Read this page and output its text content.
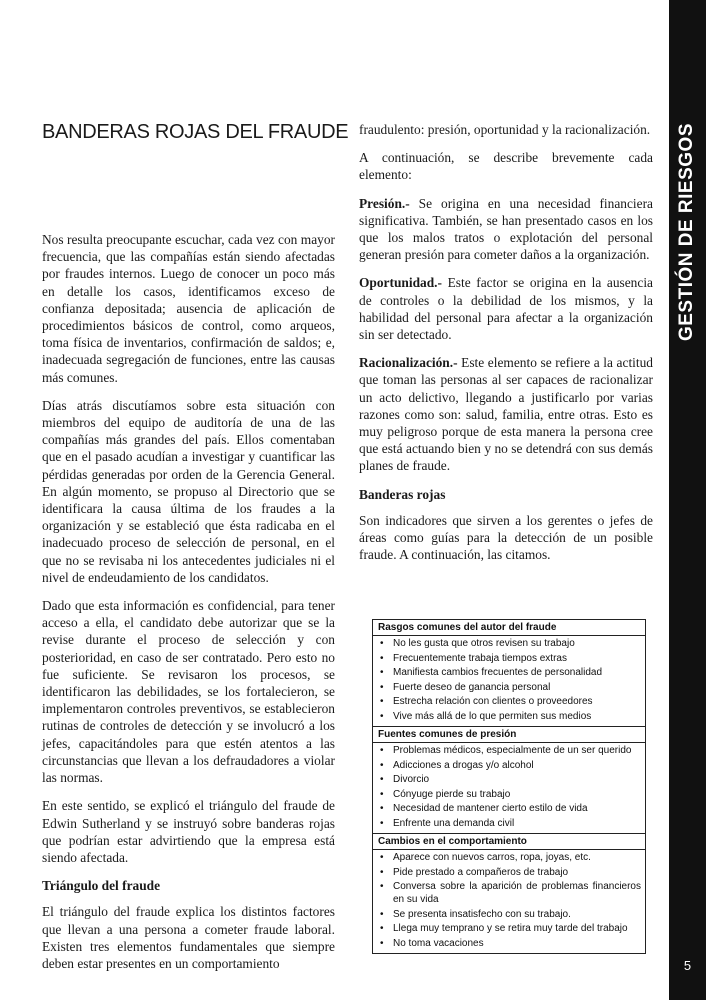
GESTIÓN DE RIESGOS
5
BANDERAS ROJAS DEL FRAUDE

Nos resulta preocupante escuchar, cada vez con mayor frecuencia, que las compañías están siendo afectadas por fraudes internos. Luego de conocer un poco más en detalle los casos, identificamos exceso de confianza depositada; ausencia de aplicación de procedimientos básicos de control, como arqueos, toma física de inventarios, confirmación de saldos; e, inadecuada segregación de funciones, entre las causas más comunes.

Días atrás discutíamos sobre esta situación con miembros del equipo de auditoría de una de las compañías más grandes del país. Ellos comentaban que en el pasado acudían a investigar y cuantificar las pérdidas generadas por orden de la Gerencia General. En algún momento, se propuso al Directorio que se identificara la causa última de los fraudes a la organización y se estableció que ésta radicaba en el inadecuado proceso de selección de personal, en el que no se revisaba ni los antecedentes judiciales ni el nivel de endeudamiento de los candidatos.

Dado que esta información es confidencial, para tener acceso a ella, el candidato debe autorizar que se la revise durante el proceso de selección y con posterioridad, en caso de ser contratado. Pero esto no fue suficiente. Se revisaron los procesos, se identificaron las debilidades, se los fortalecieron, se implementaron controles preventivos, se establecieron rutinas de controles de detección y se involucró a los jefes, capacitándoles para que estén atentos a las circunstancias que llevan a los defraudadores a violar las normas.

En este sentido, se explicó el triángulo del fraude de Edwin Sutherland y se instruyó sobre banderas rojas que podrían estar advirtiendo que la empresa está siendo afectada.

Triángulo del fraude

El triángulo del fraude explica los distintos factores que llevan a una persona a cometer fraude laboral. Existen tres elementos fundamentales que siempre deben estar presentes en un comportamiento

fraudulento: presión, oportunidad y la racionalización.

A continuación, se describe brevemente cada elemento:

Presión.- Se origina en una necesidad financiera significativa. También, se han presentado casos en los que los malos tratos o explotación del personal generan presión para cometer daños a la organización.

Oportunidad.- Este factor se origina en la ausencia de controles o la debilidad de los mismos, y la habilidad del personal para afectar a la organización sin ser detectado.

Racionalización.- Este elemento se refiere a la actitud que toman las personas al ser capaces de racionalizar un acto delictivo, llegando a justificarlo por varias razones como son: salud, familia, entre otras. Esto es muy peligroso porque de esta manera la persona cree que está actuando bien y no se detendrá con sus demás planes de fraude.

Banderas rojas

Son indicadores que sirven a los gerentes o jefes de áreas como guías para la detección de un posible fraude. A continuación, las citamos.

Rasgos comunes del autor del fraude
• No les gusta que otros revisen su trabajo
• Frecuentemente trabaja tiempos extras
• Manifiesta cambios frecuentes de personalidad
• Fuerte deseo de ganancia personal
• Estrecha relación con clientes o proveedores
• Vive más allá de lo que permiten sus medios
Fuentes comunes de presión
• Problemas médicos, especialmente de un ser querido
• Adicciones a drogas y/o alcohol
• Divorcio
• Cónyuge pierde su trabajo
• Necesidad de mantener cierto estilo de vida
• Enfrente una demanda civil
Cambios en el comportamiento
• Aparece con nuevos carros, ropa, joyas, etc.
• Pide prestado a compañeros de trabajo
• Conversa sobre la aparición de problemas financieros en su vida
• Se presenta insatisfecho con su trabajo.
• Llega muy temprano y se retira muy tarde del trabajo
• No toma vacaciones
